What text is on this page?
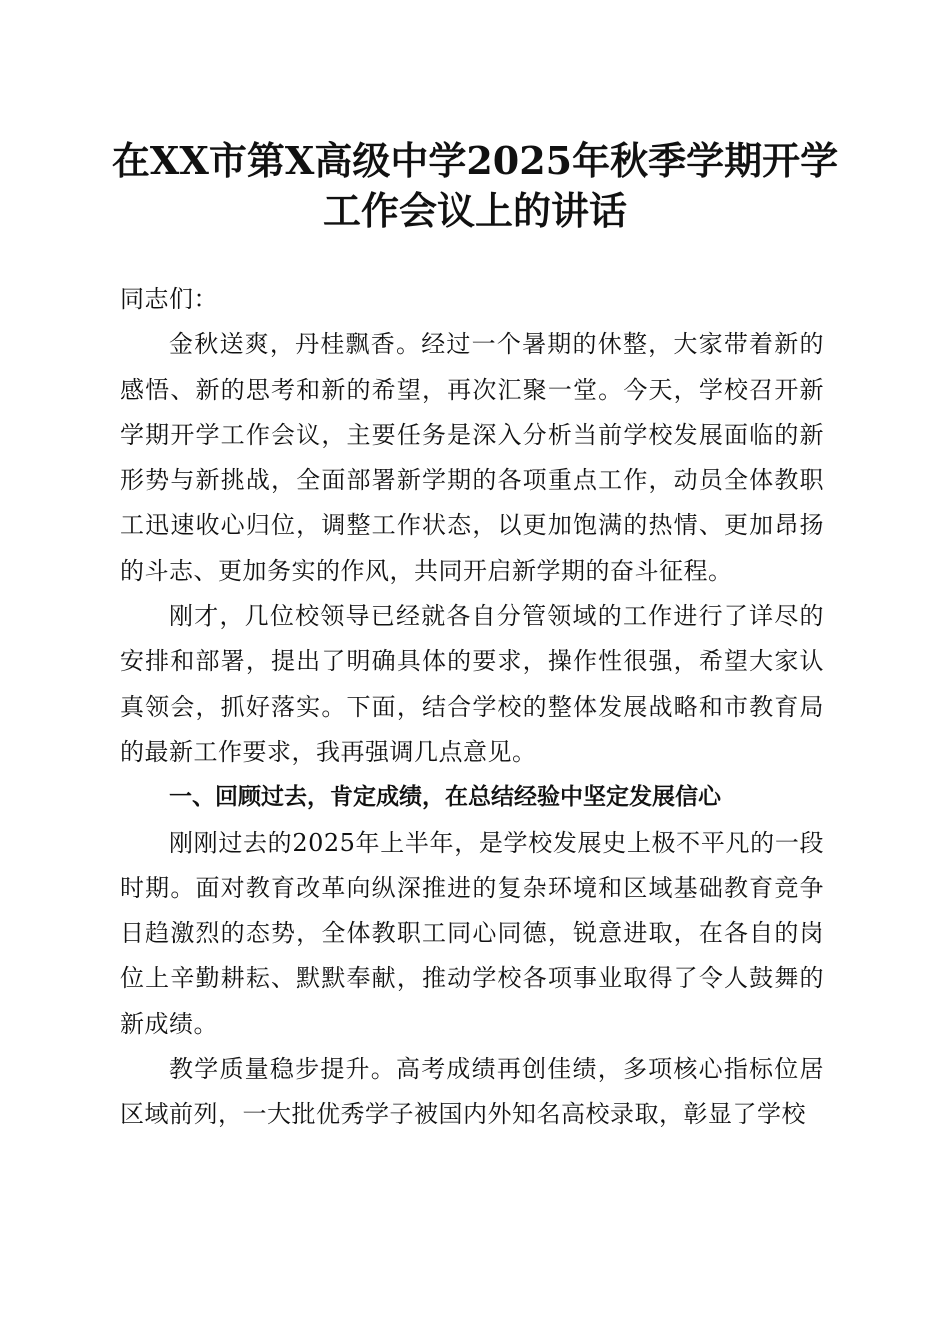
在XX市第X高级中学2025年秋季学期开学
工作会议上的讲话

同志们：

金秋送爽，丹桂飘香。经过一个暑期的休整，大家带着新的感悟、新的思考和新的希望，再次汇聚一堂。今天，学校召开新学期开学工作会议，主要任务是深入分析当前学校发展面临的新形势与新挑战，全面部署新学期的各项重点工作，动员全体教职工迅速收心归位，调整工作状态，以更加饱满的热情、更加昂扬的斗志、更加务实的作风，共同开启新学期的奋斗征程。

刚才，几位校领导已经就各自分管领域的工作进行了详尽的安排和部署，提出了明确具体的要求，操作性很强，希望大家认真领会，抓好落实。下面，结合学校的整体发展战略和市教育局的最新工作要求，我再强调几点意见。

一、回顾过去，肯定成绩，在总结经验中坚定发展信心

刚刚过去的2025年上半年，是学校发展史上极不平凡的一段时期。面对教育改革向纵深推进的复杂环境和区域基础教育竞争日趋激烈的态势，全体教职工同心同德，锐意进取，在各自的岗位上辛勤耕耘、默默奉献，推动学校各项事业取得了令人鼓舞的新成绩。

教学质量稳步提升。高考成绩再创佳绩，多项核心指标位居区域前列，一大批优秀学子被国内外知名高校录取，彰显了学校
